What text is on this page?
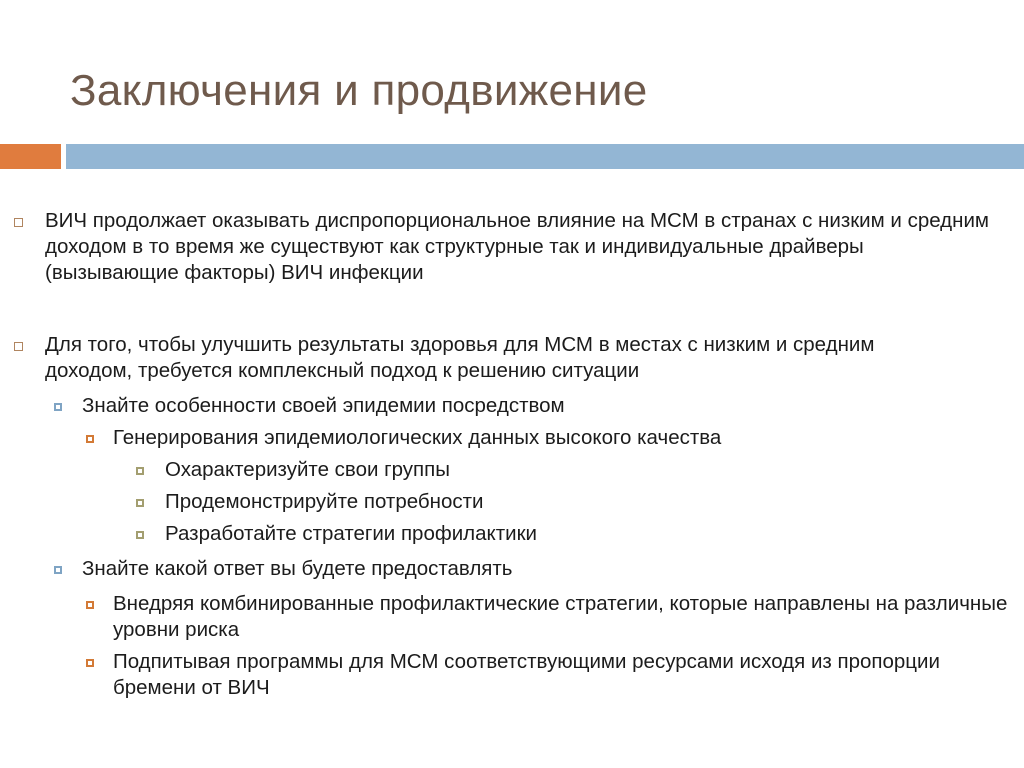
Заключения и продвижение
ВИЧ продолжает оказывать диспропорциональное влияние на МСМ в странах с низким и средним доходом в то время же существуют как структурные так и индивидуальные драйверы (вызывающие факторы) ВИЧ инфекции
Для того, чтобы улучшить результаты здоровья для МСМ в местах с низким и средним доходом, требуется комплексный подход к решению ситуации
Знайте особенности своей эпидемии посредством
Генерирования эпидемиологических данных высокого качества
Охарактеризуйте свои группы
Продемонстрируйте потребности
Разработайте стратегии профилактики
Знайте какой ответ вы будете предоставлять
Внедряя комбинированные профилактические стратегии, которые направлены на различные уровни риска
Подпитывая программы для МСМ соответствующими ресурсами исходя из пропорции бремени от ВИЧ
